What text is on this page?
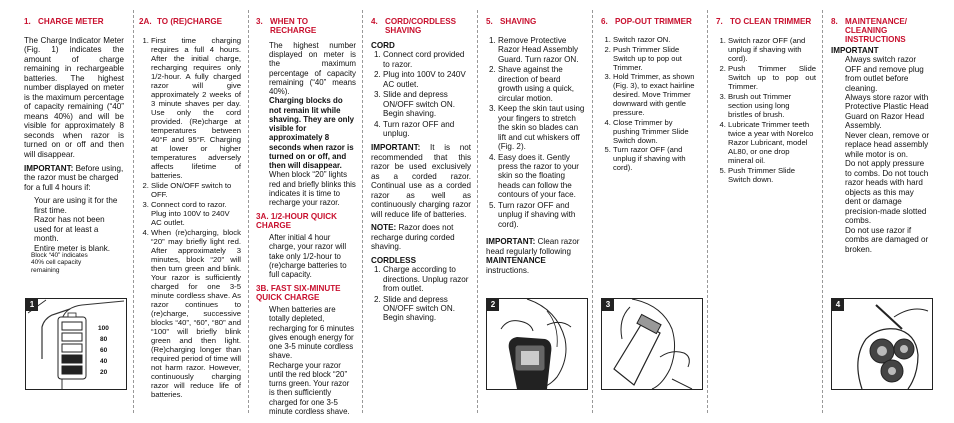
1. CHARGE METER

The Charge Indicator Meter (Fig. 1) indicates the amount of charge remaining in rechargeable batteries. The highest number displayed on meter is the maximum percentage of capacity remaining (“40” means 40%) and will be visible for approximately 8 seconds when razor is turned on or off and then will disappear.

IMPORTANT: Before using, the razor must be charged for a full 4 hours if:

Your are using it for the first time.
Razor has not been used for at least a month.
Entire meter is blank.
Block “40” indicates 40% cell capacity remaining
1
100
80
60
40
20
2A. TO (RE)CHARGE
1. First time charging requires a full 4 hours. After the initial charge, recharging requires only 1/2-hour. A fully charged razor will give approximately 2 weeks of 3 minute shaves per day. Use only the cord provided. (Re)charge at temperatures between 40°F and 95°F. Charging at lower or higher temperatures adversely affects lifetime of batteries.
2. Slide ON/OFF switch to OFF.
3. Connect cord to razor. Plug into 100V to 240V AC outlet.
4. When (re)charging, block “20” may briefly light red. After approximately 3 minutes, block “20” will then turn green and blink. Your razor is sufficiently charged for one 3-5 minute cordless shave. As razor continues to (re)charge, successive blocks “40”, “60”, “80” and “100” will briefly blink green and then light. (Re)charging longer than required period of time will not harm razor. However, continuously charging razor will reduce life of batteries.
3. WHEN TO RECHARGE

The highest number displayed on meter is the maximum percentage of capacity remaining (“40” means 40%).

Charging blocks do not remain lit while shaving. They are only visible for approximately 8 seconds when razor is turned on or off, and then will disappear.

When block “20” lights red and briefly blinks this indicates it is time to recharge your razor.

3A. 1/2-HOUR QUICK CHARGE

After initial 4 hour charge, your razor will take only 1/2-hour to (re)charge batteries to full capacity.

3B. FAST SIX-MINUTE QUICK CHARGE

When batteries are totally depleted, recharging for 6 minutes gives enough energy for one 3-5 minute cordless shave.

Recharge your razor until the red block “20” turns green. Your razor is then sufficiently charged for one 3-5 minute cordless shave.

4. CORD/CORDLESS SHAVING
CORD
1. Connect cord provided to razor.
2. Plug into 100V to 240V AC outlet.
3. Slide and depress ON/OFF switch ON. Begin shaving.
4. Turn razor OFF and unplug.

IMPORTANT: It is not recommended that this razor be used exclusively as a corded razor. Continual use as a corded razor as well as continuously charging razor will reduce life of batteries.

NOTE: Razor does not recharge during corded shaving.

CORDLESS
1. Charge according to directions. Unplug razor from outlet.
2. Slide and depress ON/OFF switch ON. Begin shaving.
5. SHAVING
1. Remove Protective Razor Head Assembly Guard. Turn razor ON.
2. Shave against the direction of beard growth using a quick, circular motion.
3. Keep the skin taut using your fingers to stretch the skin so blades can lift and cut whiskers off (Fig. 2).
4. Easy does it. Gently press the razor to your skin so the floating heads can follow the contours of your face.
5. Turn razor OFF and unplug if shaving with cord).

IMPORTANT: Clean razor head regularly following MAINTENANCE instructions.

2
6. POP-OUT TRIMMER
1. Switch razor ON.
2. Push Trimmer Slide Switch up to pop out Trimmer.
3. Hold Trimmer, as shown (Fig. 3), to exact hairline desired. Move Trimmer downward with gentle pressure.
4. Close Trimmer by pushing Trimmer Slide Switch down.
5. Turn razor OFF (and unplug if shaving with cord).
3
7. TO CLEAN TRIMMER
1. Switch razor OFF (and unplug if shaving with cord).
2. Push Trimmer Slide Switch up to pop out Trimmer.
3. Brush out Trimmer section using long bristles of brush.
4. Lubricate Trimmer teeth twice a year with Norelco Razor Lubricant, model AL80, or one drop mineral oil.
5. Push Trimmer Slide Switch down.
8. MAINTENANCE/ CLEANING INSTRUCTIONS
IMPORTANT

Always switch razor OFF and remove plug from outlet before cleaning.

Always store razor with Protective Plastic Head Guard on Razor Head Assembly.

Never clean, remove or replace head assembly while motor is on.

Do not apply pressure to combs. Do not touch razor heads with hard objects as this may dent or damage precision-made slotted combs.

Do not use razor if combs are damaged or broken.

4
